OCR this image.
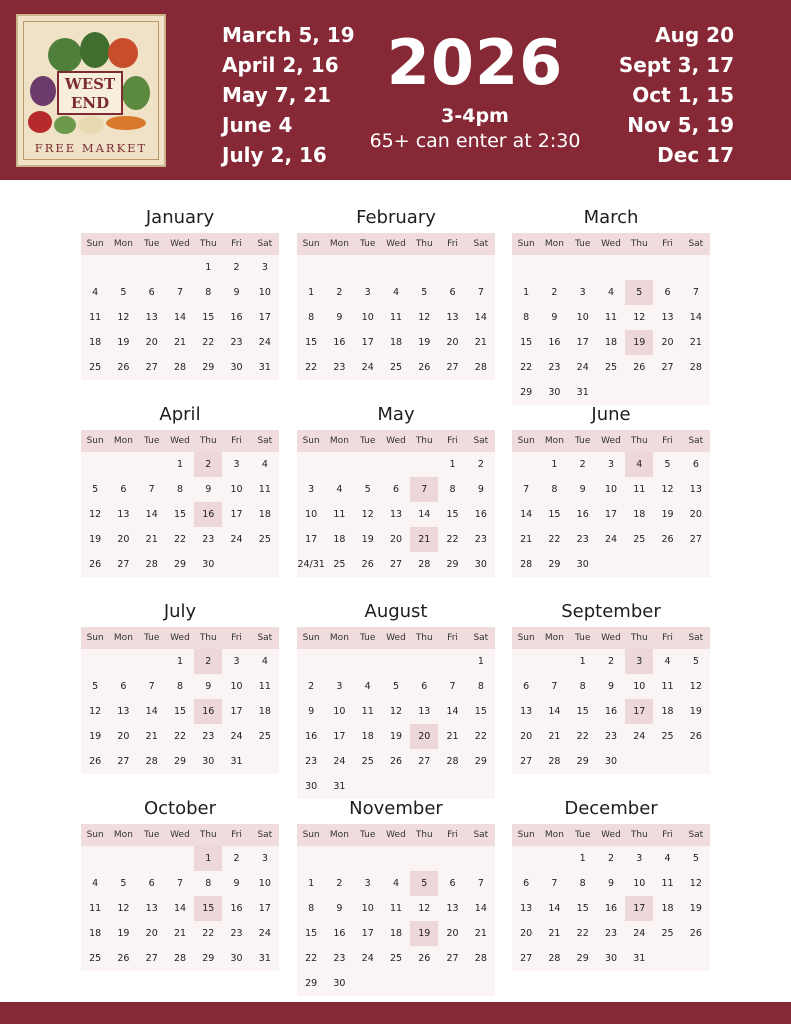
WEST
END
FREE MARKET
March 5, 19
April 2, 16
May 7, 21
June 4
July 2, 16
2026
3-4pm
65+ can enter at 2:30
Aug 20
Sept 3, 17
Oct 1, 15
Nov 5, 19
Dec 17
January
Sun	Mon	Tue	Wed	Thu	Fri	Sat
				1	2	3
4	5	6	7	8	9	10
11	12	13	14	15	16	17
18	19	20	21	22	23	24
25	26	27	28	29	30	31
February
Sun	Mon	Tue	Wed	Thu	Fri	Sat

1	2	3	4	5	6	7
8	9	10	11	12	13	14
15	16	17	18	19	20	21
22	23	24	25	26	27	28
March
Sun	Mon	Tue	Wed	Thu	Fri	Sat

1	2	3	4	5	6	7
8	9	10	11	12	13	14
15	16	17	18	19	20	21
22	23	24	25	26	27	28
29	30	31				
April
Sun	Mon	Tue	Wed	Thu	Fri	Sat
			1	2	3	4
5	6	7	8	9	10	11
12	13	14	15	16	17	18
19	20	21	22	23	24	25
26	27	28	29	30		
May
Sun	Mon	Tue	Wed	Thu	Fri	Sat
					1	2
3	4	5	6	7	8	9
10	11	12	13	14	15	16
17	18	19	20	21	22	23
24/31	25	26	27	28	29	30
June
Sun	Mon	Tue	Wed	Thu	Fri	Sat
	1	2	3	4	5	6
7	8	9	10	11	12	13
14	15	16	17	18	19	20
21	22	23	24	25	26	27
28	29	30				
July
Sun	Mon	Tue	Wed	Thu	Fri	Sat
			1	2	3	4
5	6	7	8	9	10	11
12	13	14	15	16	17	18
19	20	21	22	23	24	25
26	27	28	29	30	31	
August
Sun	Mon	Tue	Wed	Thu	Fri	Sat
						1
2	3	4	5	6	7	8
9	10	11	12	13	14	15
16	17	18	19	20	21	22
23	24	25	26	27	28	29
30	31					
September
Sun	Mon	Tue	Wed	Thu	Fri	Sat
		1	2	3	4	5
6	7	8	9	10	11	12
13	14	15	16	17	18	19
20	21	22	23	24	25	26
27	28	29	30			
October
Sun	Mon	Tue	Wed	Thu	Fri	Sat
				1	2	3
4	5	6	7	8	9	10
11	12	13	14	15	16	17
18	19	20	21	22	23	24
25	26	27	28	29	30	31
November
Sun	Mon	Tue	Wed	Thu	Fri	Sat

1	2	3	4	5	6	7
8	9	10	11	12	13	14
15	16	17	18	19	20	21
22	23	24	25	26	27	28
29	30					
December
Sun	Mon	Tue	Wed	Thu	Fri	Sat
		1	2	3	4	5
6	7	8	9	10	11	12
13	14	15	16	17	18	19
20	21	22	23	24	25	26
27	28	29	30	31		
